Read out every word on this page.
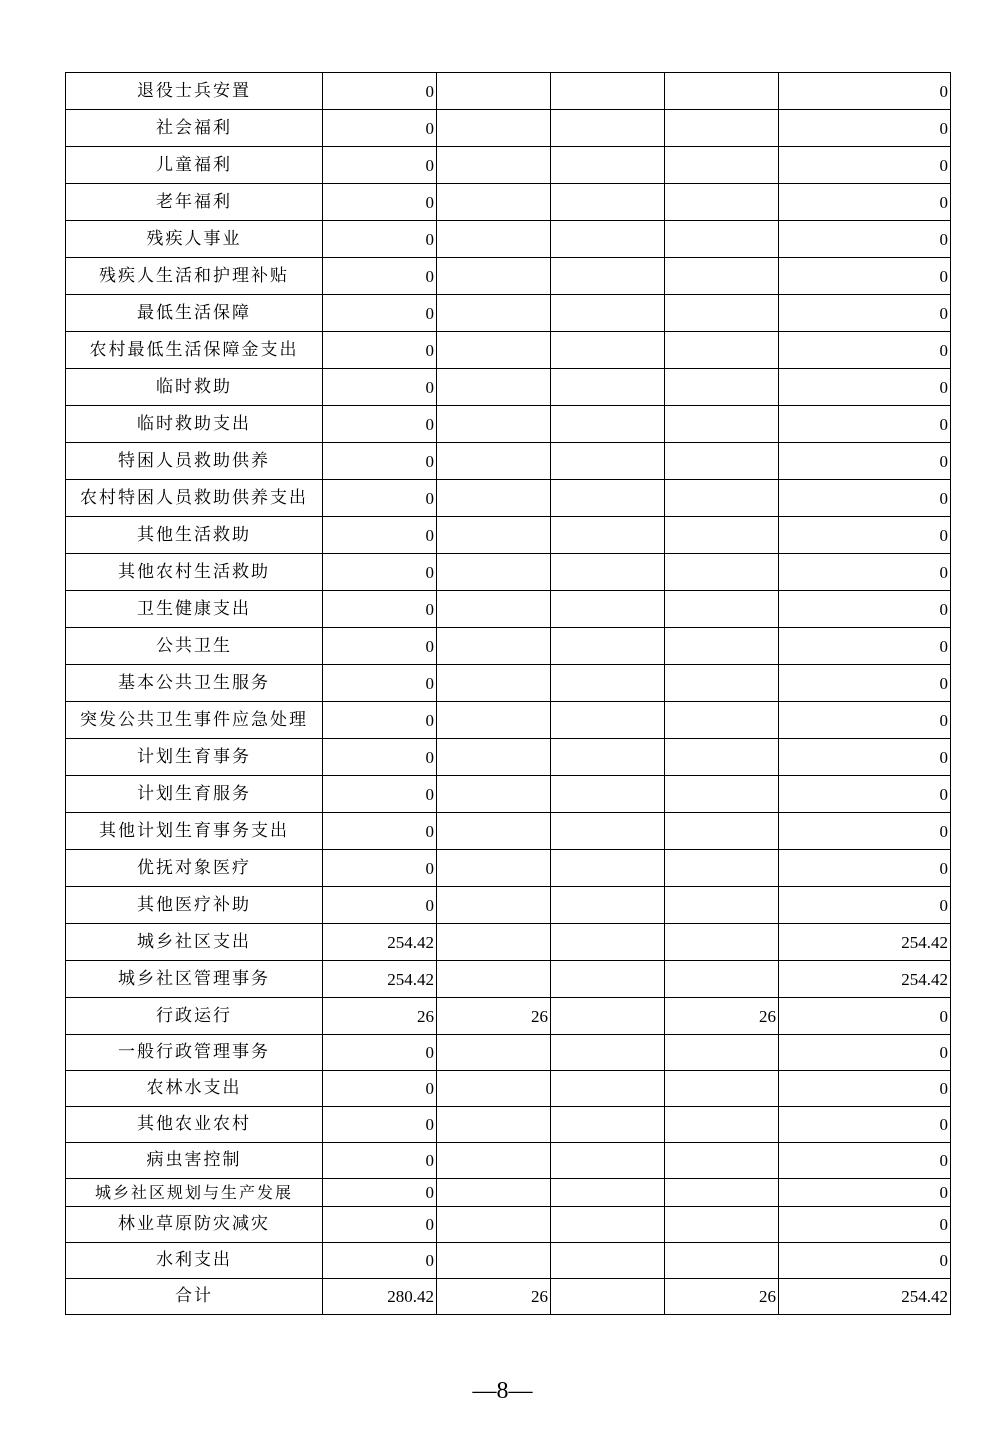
退役士兵安置	0				0
社会福利	0				0
儿童福利	0				0
老年福利	0				0
残疾人事业	0				0
残疾人生活和护理补贴	0				0
最低生活保障	0				0
农村最低生活保障金支出	0				0
临时救助	0				0
临时救助支出	0				0
特困人员救助供养	0				0
农村特困人员救助供养支出	0				0
其他生活救助	0				0
其他农村生活救助	0				0
卫生健康支出	0				0
公共卫生	0				0
基本公共卫生服务	0				0
突发公共卫生事件应急处理	0				0
计划生育事务	0				0
计划生育服务	0				0
其他计划生育事务支出	0				0
优抚对象医疗	0				0
其他医疗补助	0				0
城乡社区支出	254.42				254.42
城乡社区管理事务	254.42				254.42
行政运行	26	26		26	0
一般行政管理事务	0				0
农林水支出	0				0
其他农业农村	0				0
病虫害控制	0				0
城乡社区规划与生产发展	0				0
林业草原防灾减灾	0				0
水利支出	0				0
合计	280.42	26		26	254.42
—8—
